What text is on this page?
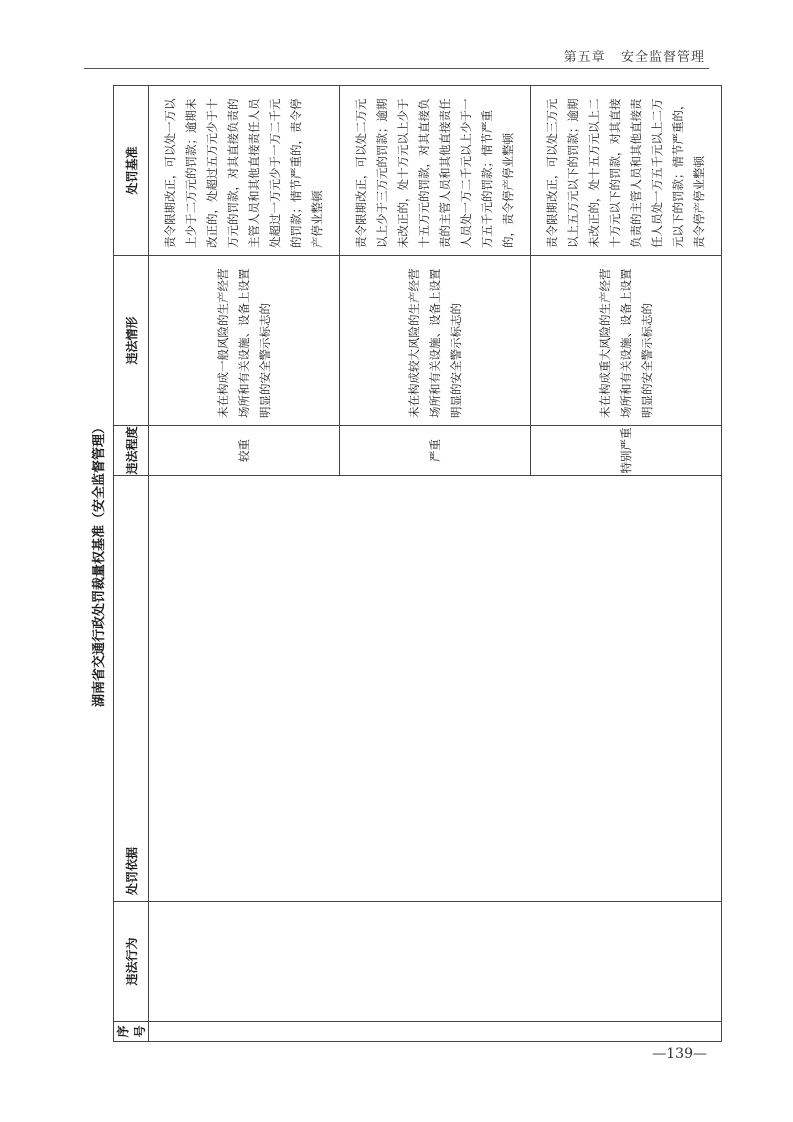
第五章 安全监督管理
湖南省交通行政处罚裁量权基准（安全监督管理）
序号	违法行为	处罚依据	违法程度	违法情形	处罚基准
			较重	未在构成一般风险的生产经营场所和有关设施、设备上设置明显的安全警示标志的	责令限期改正，可以处一万以上少于二万元的罚款；逾期未改正的，处超过五万元少于十万元的罚款，对其直接负责的主管人员和其他直接责任人员处超过一万元少于一万二千元的罚款；情节严重的，责令停产停业整顿

			严重	未在构成较大风险的生产经营场所和有关设施、设备上设置明显的安全警示标志的	责令限期改正，可以处二万元以上少于三万元的罚款；逾期未改正的，处十万元以上少于十五万元的罚款，对其直接负责的主管人员和其他直接责任人员处一万二千元以上少于一万五千元的罚款；情节严重的，责令停产停业整顿

			特别严重	未在构成重大风险的生产经营场所和有关设施、设备上设置明显的安全警示标志的	责令限期改正，可以处三万元以上五万元以下的罚款；逾期未改正的，处十五万元以上二十万元以下的罚款，对其直接负责的主管人员和其他直接责任人员处一万五千元以上二万元以下的罚款；情节严重的，责令停产停业整顿
—139—
